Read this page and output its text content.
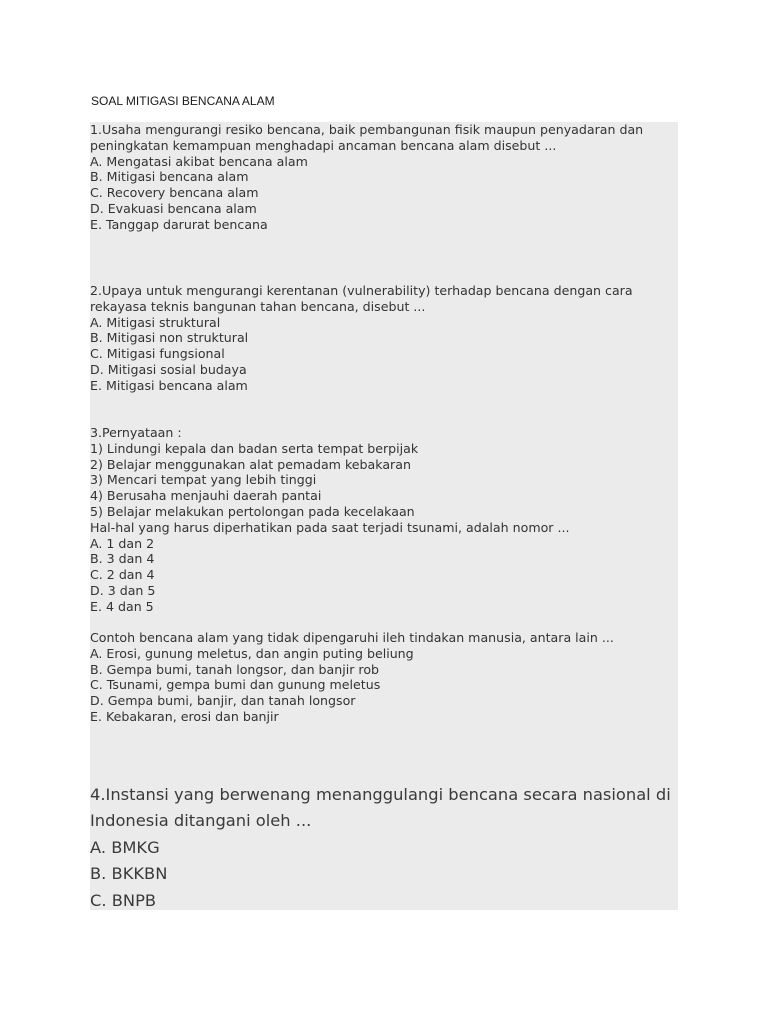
SOAL MITIGASI BENCANA ALAM
1.Usaha mengurangi resiko bencana, baik pembangunan fisik maupun penyadaran dan
peningkatan kemampuan menghadapi ancaman bencana alam disebut ...
A. Mengatasi akibat bencana alam
B. Mitigasi bencana alam
C. Recovery bencana alam
D. Evakuasi bencana alam
E. Tanggap darurat bencana
2.Upaya untuk mengurangi kerentanan (vulnerability) terhadap bencana dengan cara
rekayasa teknis bangunan tahan bencana, disebut ...
A. Mitigasi struktural
B. Mitigasi non struktural
C. Mitigasi fungsional
D. Mitigasi sosial budaya
E. Mitigasi bencana alam
3.Pernyataan :
1) Lindungi kepala dan badan serta tempat berpijak
2) Belajar menggunakan alat pemadam kebakaran
3) Mencari tempat yang lebih tinggi
4) Berusaha menjauhi daerah pantai
5) Belajar melakukan pertolongan pada kecelakaan
Hal-hal yang harus diperhatikan pada saat terjadi tsunami, adalah nomor ...
A. 1 dan 2
B. 3 dan 4
C. 2 dan 4
D. 3 dan 5
E. 4 dan 5
Contoh bencana alam yang tidak dipengaruhi ileh tindakan manusia, antara lain ...
A. Erosi, gunung meletus, dan angin puting beliung
B. Gempa bumi, tanah longsor, dan banjir rob
C. Tsunami, gempa bumi dan gunung meletus
D. Gempa bumi, banjir, dan tanah longsor
E. Kebakaran, erosi dan banjir
4.Instansi yang berwenang menanggulangi bencana secara nasional di
Indonesia ditangani oleh ...
A. BMKG
B. BKKBN
C. BNPB
